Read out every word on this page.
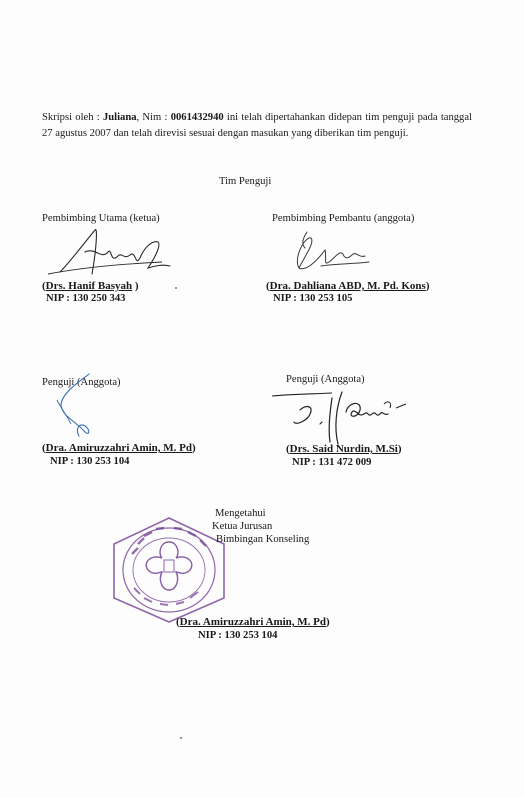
Skripsi oleh : Juliana, Nim : 0061432940 ini telah dipertahankan didepan tim penguji pada tanggal 27 agustus 2007 dan telah direvisi sesuai dengan masukan yang diberikan tim penguji.
Tim Penguji
Pembimbing Utama (ketua)
(Drs. Hanif Basyah )
NIP : 130 250 343
Pembimbing Pembantu (anggota)
(Dra. Dahliana ABD, M. Pd. Kons)
NIP : 130 253 105
Penguji (Anggota)
(Dra. Amiruzzahri Amin, M. Pd)
NIP : 130 253 104
Penguji (Anggota)
(Drs. Said Nurdin, M.Si)
NIP : 131 472 009
Mengetahui
Ketua Jurusan
Bimbingan Konseling
(Dra. Amiruzzahri Amin, M. Pd)
NIP : 130 253 104
